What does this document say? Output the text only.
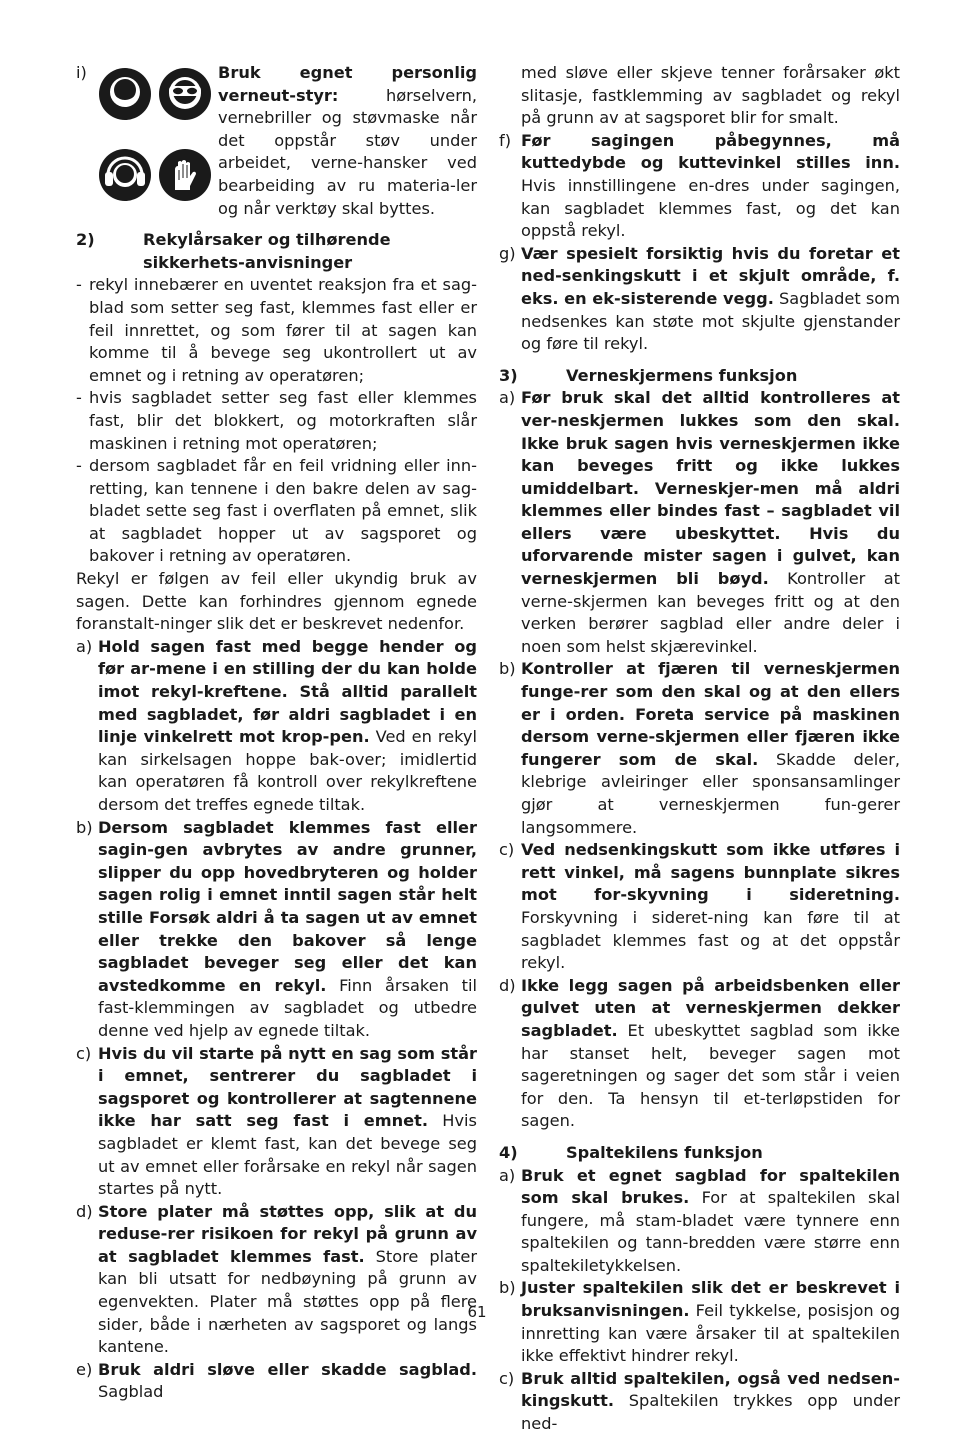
i)	Bruk egnet personlig verneut-styr: hørselvern, vernebriller og støvmaske når det oppstår støv under arbeidet, verne-hansker ved bearbeiding av ru materia-ler og når verktøy skal byttes.
2)	Rekylårsaker og tilhørende sikkerhets-anvisninger
- rekyl innebærer en uventet reaksjon fra et sag-blad som setter seg fast, klemmes fast eller er feil innrettet, og som fører til at sagen kan komme til å bevege seg ukontrollert ut av emnet og i retning av operatøren;
- hvis sagbladet setter seg fast eller klemmes fast, blir det blokkert, og motorkraften slår maskinen i retning mot operatøren;
- dersom sagbladet får en feil vridning eller inn-retting, kan tennene i den bakre delen av sag-bladet sette seg fast i overflaten på emnet, slik at sagbladet hopper ut av sagsporet og bakover i retning av operatøren.

Rekyl er følgen av feil eller ukyndig bruk av sagen. Dette kan forhindres gjennom egnede foranstalt-ninger slik det er beskrevet nedenfor.

a) Hold sagen fast med begge hender og før ar-mene i en stilling der du kan holde imot rekyl-kreftene. Stå alltid parallelt med sagbladet, før aldri sagbladet i en linje vinkelrett mot krop-pen. Ved en rekyl kan sirkelsagen hoppe bak-over; imidlertid kan operatøren få kontroll over rekylkreftene dersom det treffes egnede tiltak.
b) Dersom sagbladet klemmes fast eller sagin-gen avbrytes av andre grunner, slipper du opp hovedbryteren og holder sagen rolig i emnet inntil sagen står helt stille Forsøk aldri å ta sagen ut av emnet eller trekke den bakover så lenge sagbladet beveger seg eller det kan avstedkomme en rekyl. Finn årsaken til fast-klemmingen av sagbladet og utbedre denne ved hjelp av egnede tiltak.
c) Hvis du vil starte på nytt en sag som står i emnet, sentrerer du sagbladet i sagsporet og kontrollerer at sagtennene ikke har satt seg fast i emnet. Hvis sagbladet er klemt fast, kan det bevege seg ut av emnet eller forårsake en rekyl når sagen startes på nytt.
d) Store plater må støttes opp, slik at du reduse-rer risikoen for rekyl på grunn av at sagbladet klemmes fast. Store plater kan bli utsatt for nedbøyning på grunn av egenvekten. Plater må støttes opp på flere sider, både i nærheten av sagsporet og langs kantene.
e) Bruk aldri sløve eller skadde sagblad. Sagblad
med sløve eller skjeve tenner forårsaker økt slitasje, fastklemming av sagbladet og rekyl på grunn av at sagsporet blir for smalt.
f) Før sagingen påbegynnes, må kuttedybde og kuttevinkel stilles inn. Hvis innstillingene en-dres under sagingen, kan sagbladet klemmes fast, og det kan oppstå rekyl.
g) Vær spesielt forsiktig hvis du foretar et ned-senkingskutt i et skjult område, f. eks. en ek-sisterende vegg. Sagbladet som nedsenkes kan støte mot skjulte gjenstander og føre til rekyl.
3)	Verneskjermens funksjon
a) Før bruk skal det alltid kontrolleres at ver-neskjermen lukkes som den skal. Ikke bruk sagen hvis verneskjermen ikke kan beveges fritt og ikke lukkes umiddelbart. Verneskjer-men må aldri klemmes eller bindes fast – sagbladet vil ellers være ubeskyttet. Hvis du uforvarende mister sagen i gulvet, kan verneskjermen bli bøyd. Kontroller at verne-skjermen kan beveges fritt og at den verken berører sagblad eller andre deler i noen som helst skjærevinkel.
b) Kontroller at fjæren til verneskjermen funge-rer som den skal og at den ellers er i orden. Foreta service på maskinen dersom verne-skjermen eller fjæren ikke fungerer som de skal. Skadde deler, klebrige avleiringer eller sponsansamlinger gjør at verneskjermen fun-gerer langsommere.
c) Ved nedsenkingskutt som ikke utføres i rett vinkel, må sagens bunnplate sikres mot for-skyvning i sideretning. Forskyvning i sideret-ning kan føre til at sagbladet klemmes fast og at det oppstår rekyl.
d) Ikke legg sagen på arbeidsbenken eller gulvet uten at verneskjermen dekker sagbladet. Et ubeskyttet sagblad som ikke har stanset helt, beveger sagen mot sageretningen og sager det som står i veien for den. Ta hensyn til et-terløpstiden for sagen.
4)	Spaltekilens funksjon
a) Bruk et egnet sagblad for spaltekilen som skal brukes. For at spaltekilen skal fungere, må stam-bladet være tynnere enn spaltekilen og tann-bredden være større enn spaltekiletykkelsen.
b) Juster spaltekilen slik det er beskrevet i bruksanvisningen. Feil tykkelse, posisjon og innretting kan være årsaker til at spaltekilen ikke effektivt hindrer rekyl.
c) Bruk alltid spaltekilen, også ved nedsen-kingskutt. Spaltekilen trykkes opp under ned-
61
